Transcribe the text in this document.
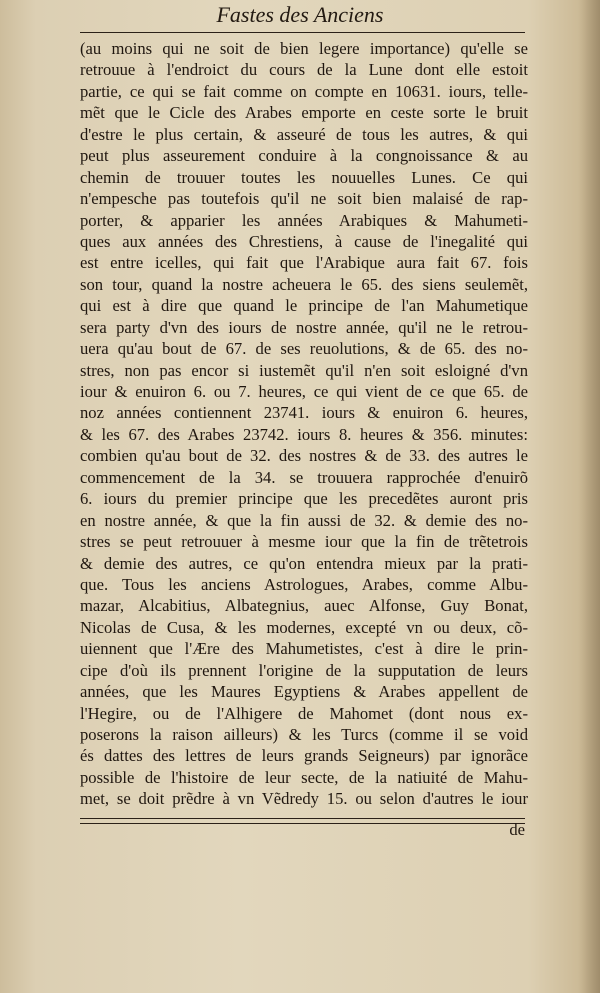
Fastes des Anciens
(au moins qui ne soit de bien legere importance) qu'elle se
retrouue à l'endroict du cours de la Lune dont elle estoit
partie, ce qui se fait comme on compte en 10631. iours, telle-
mẽt que le Cicle des Arabes emporte en ceste sorte le bruit
d'estre le plus certain, & asseuré de tous les autres, & qui
peut plus asseurement conduire à la congnoissance & au
chemin de trouuer toutes les nouuelles Lunes. Ce qui
n'empesche pas toutefois qu'il ne soit bien malaisé de rap-
porter, & apparier les années Arabiques & Mahumeti-
ques aux années des Chrestiens, à cause de l'inegalité qui
est entre icelles, qui fait que l'Arabique aura fait 67. fois
son tour, quand la nostre acheuera le 65. des siens seulemẽt,
qui est à dire que quand le principe de l'an Mahumetique
sera party d'vn des iours de nostre année, qu'il ne le retrou-
uera qu'au bout de 67. de ses reuolutions, & de 65. des no-
stres, non pas encor si iustemẽt qu'il n'en soit esloigné d'vn
iour & enuiron 6. ou 7. heures, ce qui vient de ce que 65. de
noz années contiennent 23741. iours & enuiron 6. heures,
& les 67. des Arabes 23742. iours 8. heures & 356. minutes:
combien qu'au bout de 32. des nostres & de 33. des autres le
commencement de la 34. se trouuera rapprochée d'enuirõ
6. iours du premier principe que les precedẽtes auront pris
en nostre année, & que la fin aussi de 32. & demie des no-
stres se peut retrouuer à mesme iour que la fin de trẽtetrois
& demie des autres, ce qu'on entendra mieux par la prati-
que. Tous les anciens Astrologues, Arabes, comme Albu-
mazar, Alcabitius, Albategnius, auec Alfonse, Guy Bonat,
Nicolas de Cusa, & les modernes, excepté vn ou deux, cõ-
uiennent que l'Ære des Mahumetistes, c'est à dire le prin-
cipe d'où ils prennent l'origine de la supputation de leurs
années, que les Maures Egyptiens & Arabes appellent de
l'Hegire, ou de l'Alhigere de Mahomet (dont nous ex-
poserons la raison ailleurs) & les Turcs (comme il se void
és dattes des lettres de leurs grands Seigneurs) par ignorãce
possible de l'histoire de leur secte, de la natiuité de Mahu-
met, se doit prẽdre à vn Vẽdredy 15. ou selon d'autres le iour
de
